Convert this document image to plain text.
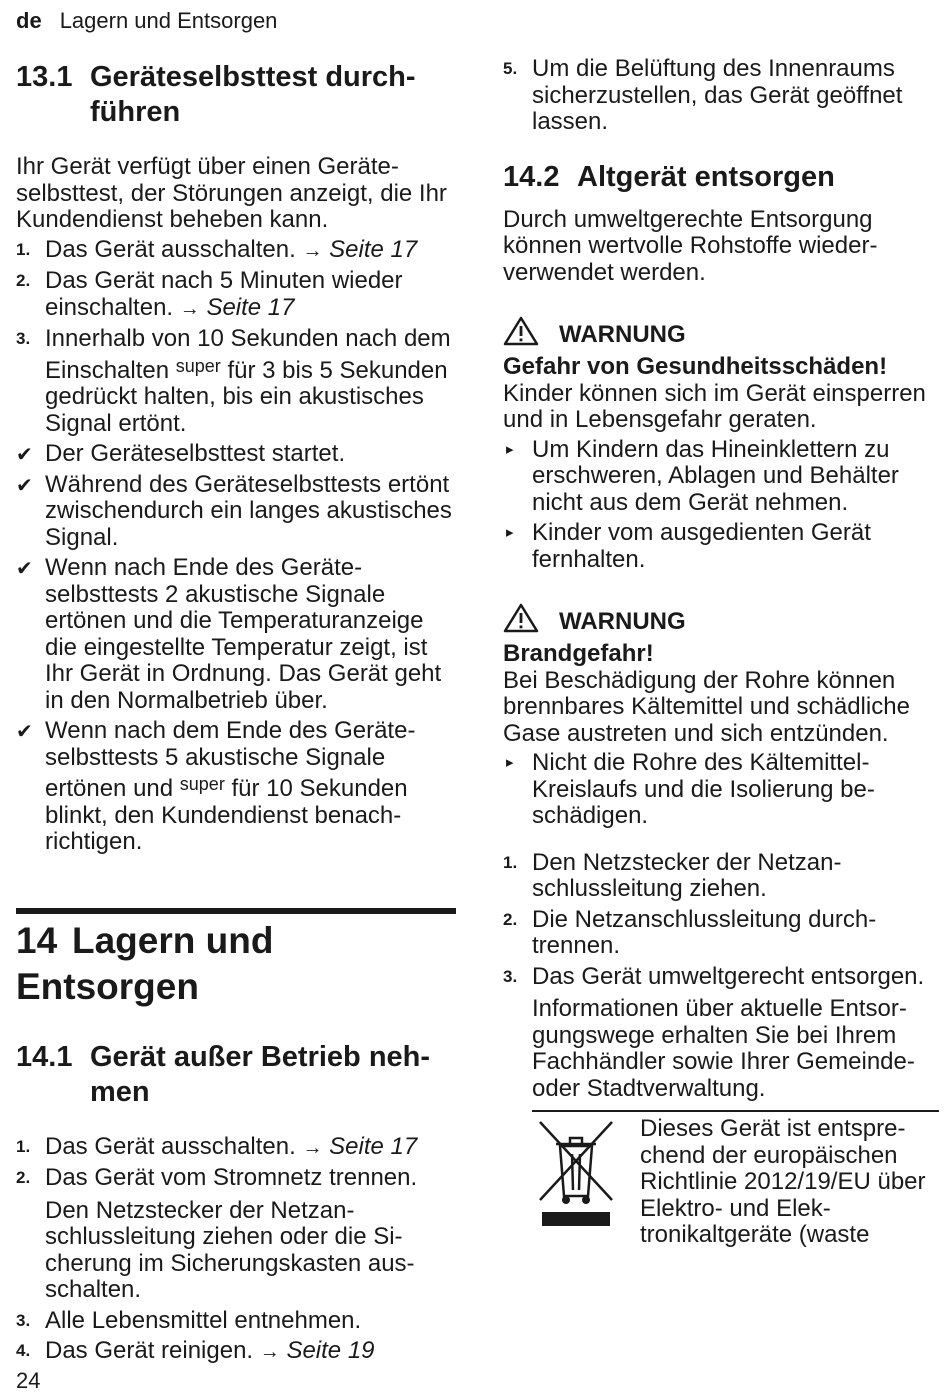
de Lagern und Entsorgen
13.1 Geräteselbsttest durchführen

Ihr Gerät verfügt über einen Geräteselbsttest, der Störungen anzeigt, die Ihr Kundendienst beheben kann.

1. Das Gerät ausschalten. → Seite 17
2. Das Gerät nach 5 Minuten wieder einschalten. → Seite 17
3. Innerhalb von 10 Sekunden nach dem Einschalten $^{super}$ für 3 bis 5 Sekunden gedrückt halten, bis ein akustisches Signal ertönt.
✔ Der Geräteselbsttest startet.
✔ Während des Geräteselbsttests ertönt zwischendurch ein langes akustisches Signal.
✔ Wenn nach Ende des Geräteselbsttests 2 akustische Signale ertönen und die Temperaturanzeige die eingestellte Temperatur zeigt, ist Ihr Gerät in Ordnung. Das Gerät geht in den Normalbetrieb über.
✔ Wenn nach dem Ende des Geräteselbsttests 5 akustische Signale ertönen und $^{super}$ für 10 Sekunden blinkt, den Kundendienst benachrichtigen.
14 Lagern und Entsorgen
14.1 Gerät außer Betrieb nehmen
1. Das Gerät ausschalten. → Seite 17
2. Das Gerät vom Stromnetz trennen.

Den Netzstecker der Netzanschlussleitung ziehen oder die Sicherung im Sicherungskasten ausschalten.

3. Alle Lebensmittel entnehmen.
4. Das Gerät reinigen. → Seite 19
5. Um die Belüftung des Innenraums sicherzustellen, das Gerät geöffnet lassen.
14.2 Altgerät entsorgen

Durch umweltgerechte Entsorgung können wertvolle Rohstoffe wiederverwendet werden.

WARNUNG

Gefahr von Gesundheitsschäden!

Kinder können sich im Gerät einsperren und in Lebensgefahr geraten.

▸ Um Kindern das Hineinklettern zu erschweren, Ablagen und Behälter nicht aus dem Gerät nehmen.
▸ Kinder vom ausgedienten Gerät fernhalten.
WARNUNG

Brandgefahr!

Bei Beschädigung der Rohre können brennbares Kältemittel und schädliche Gase austreten und sich entzünden.

▸ Nicht die Rohre des Kältemittel-Kreislaufs und die Isolierung beschädigen.
1. Den Netzstecker der Netzanschlussleitung ziehen.
2. Die Netzanschlussleitung durchtrennen.
3. Das Gerät umweltgerecht entsorgen.

Informationen über aktuelle Entsorgungswege erhalten Sie bei Ihrem Fachhändler sowie Ihrer Gemeinde- oder Stadtverwaltung.

Dieses Gerät ist entsprechend der europäischen Richtlinie 2012/19/EU über Elektro- und Elektronikaltgeräte (waste
24
